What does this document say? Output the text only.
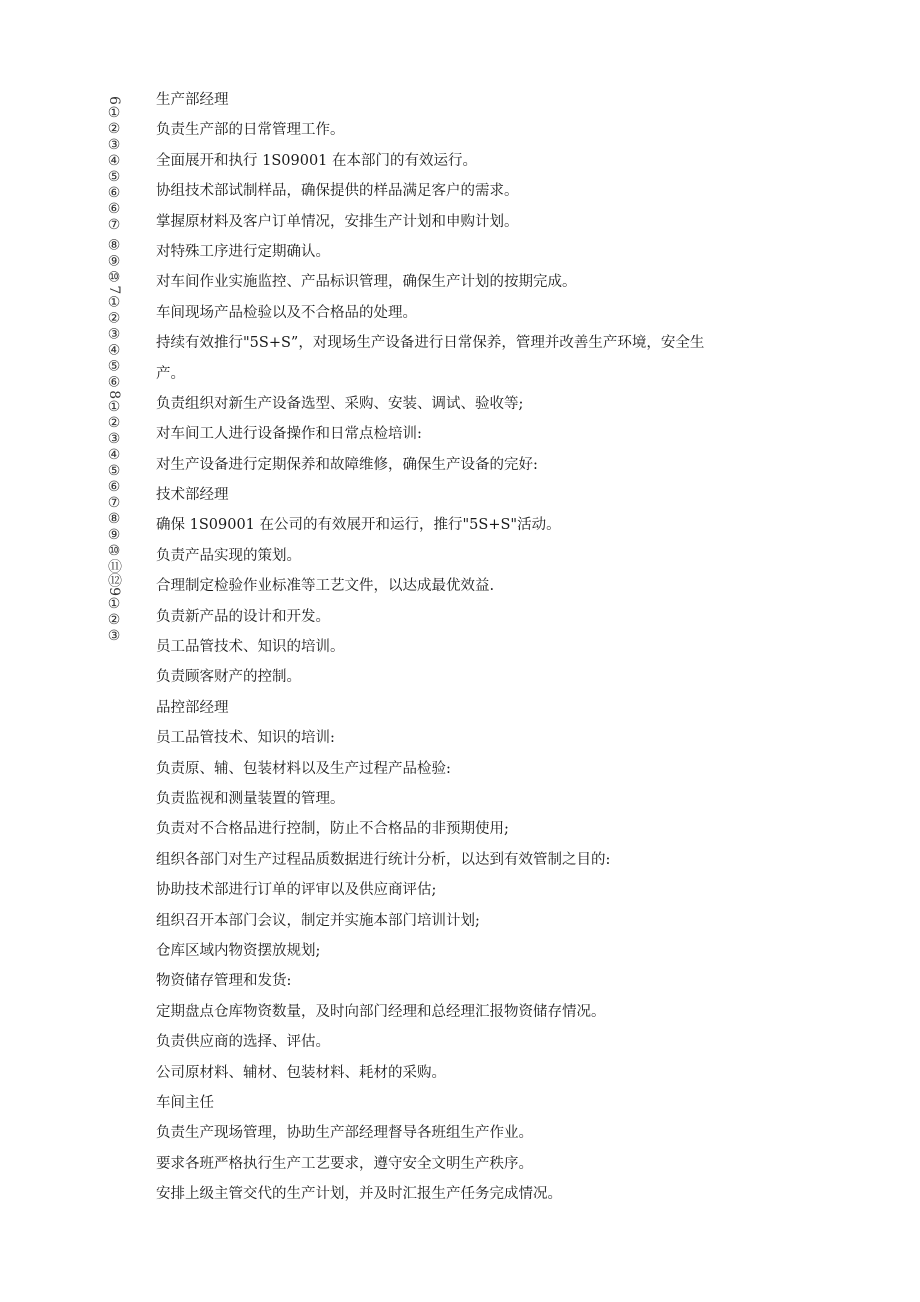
6①②③④⑤⑥⑥⑦ ⑧⑨⑩7①②③④⑤⑥8①②③④⑤⑥⑦⑧⑨⑩⑪⑫9①②③ 生产部经理
负责生产部的日常管理工作。
全面展开和执行 1S09001 在本部门的有效运行。
协组技术部试制样品，确保提供的样品满足客户的需求。
掌握原材料及客户订单情况，安排生产计划和申购计划。
对特殊工序进行定期确认。
对车间作业实施监控、产品标识管理，确保生产计划的按期完成。
车间现场产品检验以及不合格品的处理。
持续有效推行"5S+S”，对现场生产设备进行日常保养，管理并改善生产环境，安全生
产。
负责组织对新生产设备选型、采购、安装、调试、验收等;
对车间工人进行设备操作和日常点检培训:
对生产设备进行定期保养和故障维修，确保生产设备的完好:
技术部经理
确保 1S09001 在公司的有效展开和运行，推行"5S+S"活动。
负责产品实现的策划。
合理制定检验作业标准等工艺文件，以达成最优效益.
负责新产品的设计和开发。
员工品管技术、知识的培训。
负责顾客财产的控制。
品控部经理
员工品管技术、知识的培训:
负责原、辅、包装材料以及生产过程产品检验:
负责监视和测量装置的管理。
负责对不合格品进行控制，防止不合格品的非预期使用;
组织各部门对生产过程品质数据进行统计分析，以达到有效管制之目的:
协助技术部进行订单的评审以及供应商评估;
组织召开本部门会议，制定并实施本部门培训计划;
仓库区域内物资摆放规划;
物资储存管理和发货:
定期盘点仓库物资数量，及时向部门经理和总经理汇报物资储存情况。
负责供应商的选择、评估。
公司原材料、辅材、包装材料、耗材的采购。
车间主任
负责生产现场管理，协助生产部经理督导各班组生产作业。
要求各班严格执行生产工艺要求，遵守安全文明生产秩序。
安排上级主管交代的生产计划，并及时汇报生产任务完成情况。
